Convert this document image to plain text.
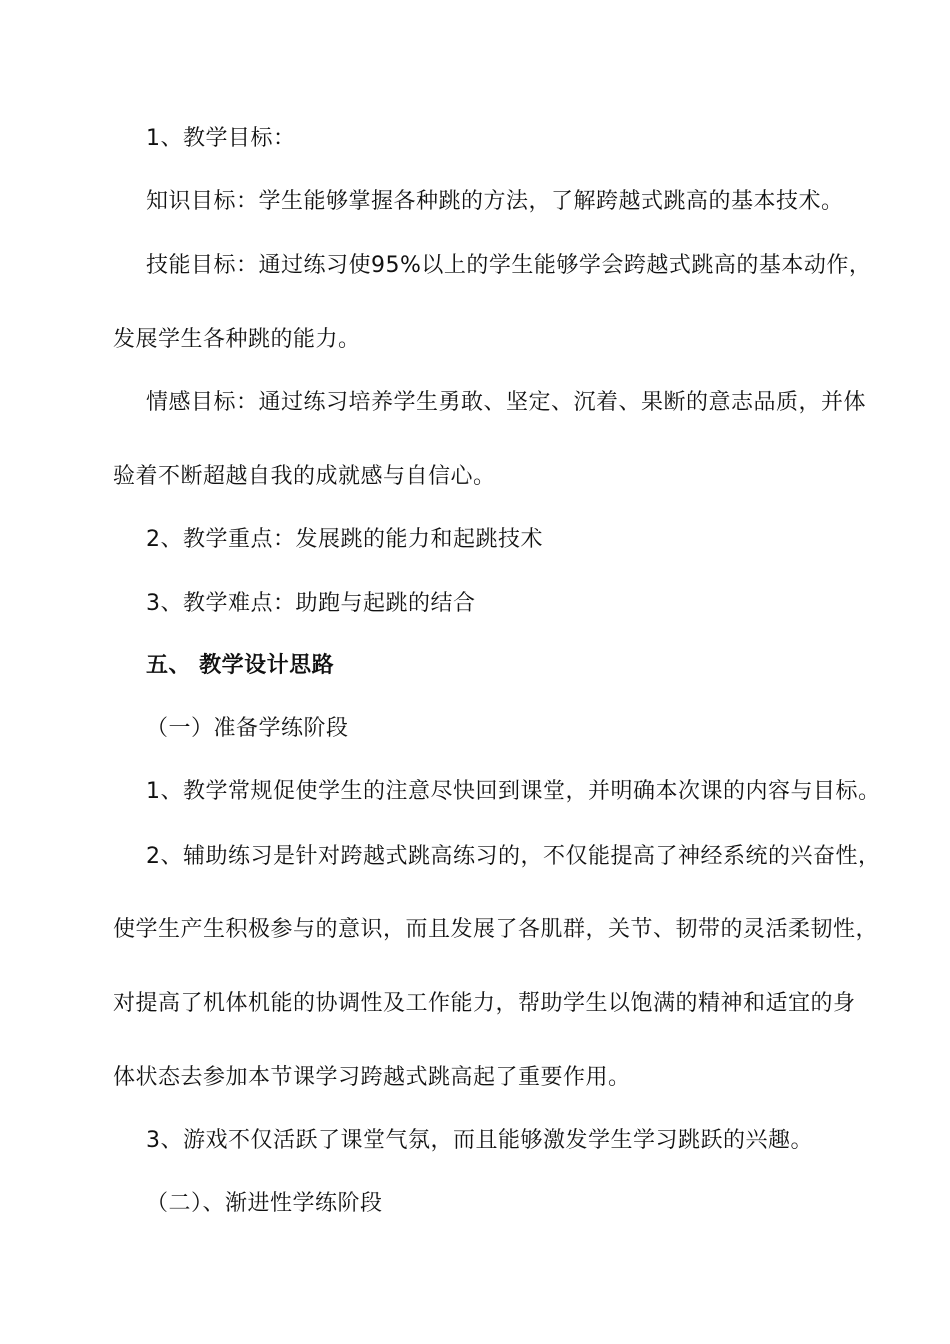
1、教学目标：
知识目标：学生能够掌握各种跳的方法，了解跨越式跳高的基本技术。
技能目标：通过练习使95%以上的学生能够学会跨越式跳高的基本动作，
发展学生各种跳的能力。
情感目标：通过练习培养学生勇敢、坚定、沉着、果断的意志品质，并体
验着不断超越自我的成就感与自信心。
2、教学重点：发展跳的能力和起跳技术
3、教学难点：助跑与起跳的结合
五、 教学设计思路
（一）准备学练阶段
1、教学常规促使学生的注意尽快回到课堂，并明确本次课的内容与目标。
2、辅助练习是针对跨越式跳高练习的，不仅能提高了神经系统的兴奋性，
使学生产生积极参与的意识，而且发展了各肌群，关节、韧带的灵活柔韧性，
对提高了机体机能的协调性及工作能力，帮助学生以饱满的精神和适宜的身
体状态去参加本节课学习跨越式跳高起了重要作用。
3、游戏不仅活跃了课堂气氛，而且能够激发学生学习跳跃的兴趣。
（二）、渐进性学练阶段
